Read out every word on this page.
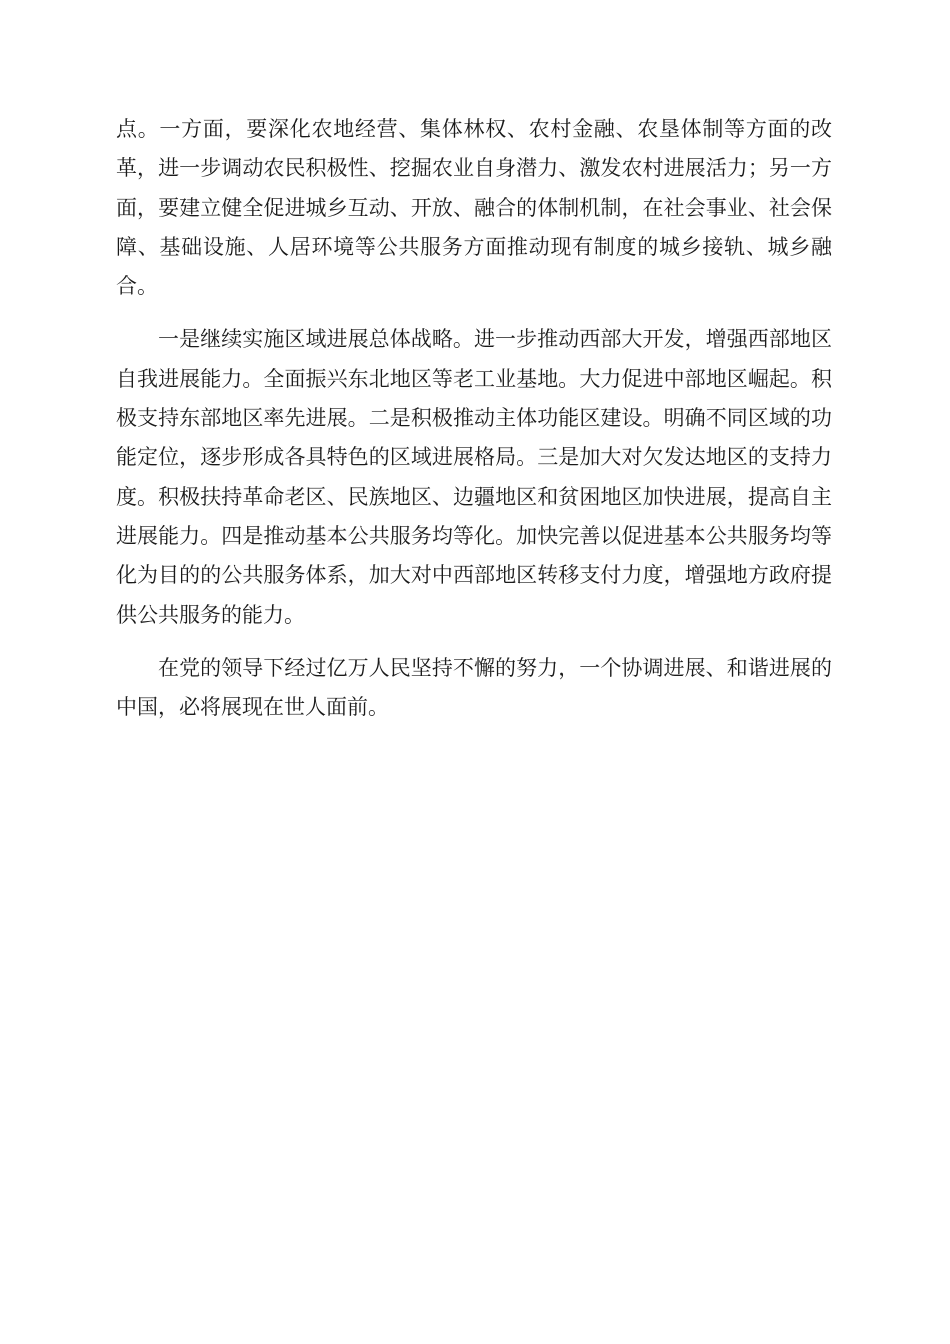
点。一方面，要深化农地经营、集体林权、农村金融、农垦体制等方面的改革，进一步调动农民积极性、挖掘农业自身潜力、激发农村进展活力；另一方面，要建立健全促进城乡互动、开放、融合的体制机制，在社会事业、社会保障、基础设施、人居环境等公共服务方面推动现有制度的城乡接轨、城乡融合。

一是继续实施区域进展总体战略。进一步推动西部大开发，增强西部地区自我进展能力。全面振兴东北地区等老工业基地。大力促进中部地区崛起。积极支持东部地区率先进展。二是积极推动主体功能区建设。明确不同区域的功能定位，逐步形成各具特色的区域进展格局。三是加大对欠发达地区的支持力度。积极扶持革命老区、民族地区、边疆地区和贫困地区加快进展，提高自主进展能力。四是推动基本公共服务均等化。加快完善以促进基本公共服务均等化为目的的公共服务体系，加大对中西部地区转移支付力度，增强地方政府提供公共服务的能力。

在党的领导下经过亿万人民坚持不懈的努力，一个协调进展、和谐进展的中国，必将展现在世人面前。
